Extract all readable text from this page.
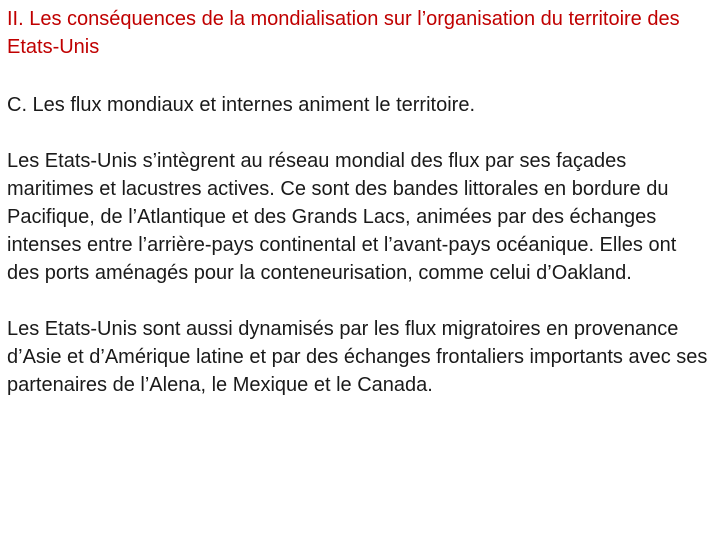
II. Les conséquences de la mondialisation sur l’organisation du territoire des Etats-Unis
C. Les flux mondiaux et internes animent le territoire.

Les Etats-Unis s’intègrent au réseau mondial des flux par ses façades maritimes et lacustres actives. Ce sont des bandes littorales en bordure du Pacifique, de l’Atlantique et des Grands Lacs, animées par des échanges intenses entre l’arrière-pays continental et l’avant-pays océanique. Elles ont des ports aménagés pour la conteneurisation, comme celui d’Oakland.

Les Etats-Unis sont aussi dynamisés par les flux migratoires en provenance d’Asie et d’Amérique latine et par des échanges frontaliers importants avec ses partenaires de l’Alena, le Mexique et le Canada.
